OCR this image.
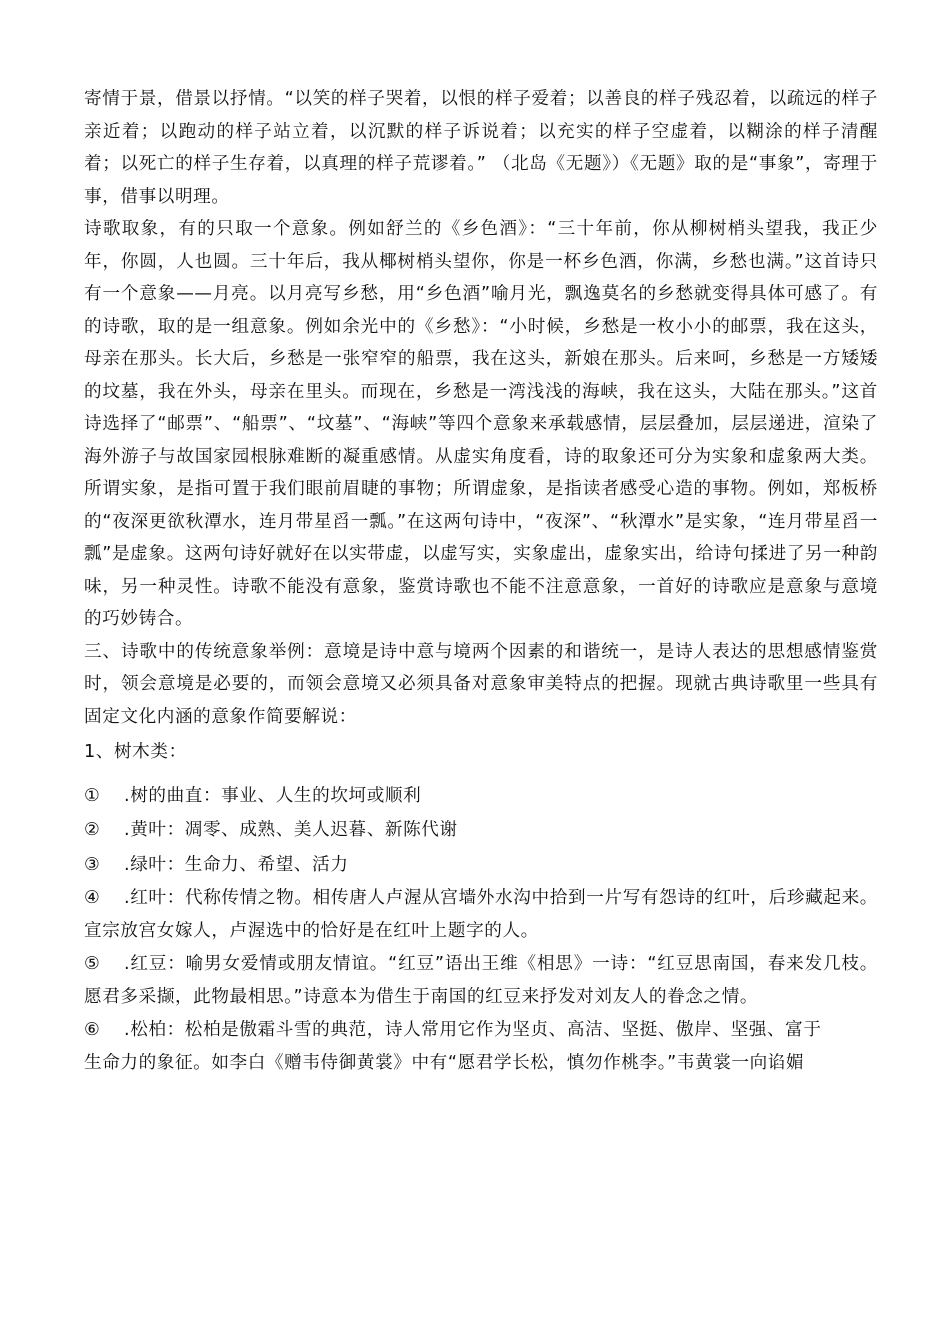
寄情于景，借景以抒情。“以笑的样子哭着，以恨的样子爱着；以善良的样子残忍着，以疏远的样子亲近着；以跑动的样子站立着，以沉默的样子诉说着；以充实的样子空虚着，以糊涂的样子清醒着；以死亡的样子生存着，以真理的样子荒谬着。” （北岛《无题》）《无题》取的是“事象”，寄理于事，借事以明理。

诗歌取象，有的只取一个意象。例如舒兰的《乡色酒》：“三十年前，你从柳树梢头望我，我正少年，你圆，人也圆。三十年后，我从椰树梢头望你，你是一杯乡色酒，你满，乡愁也满。”这首诗只有一个意象——月亮。以月亮写乡愁，用“乡色酒”喻月光，飘逸莫名的乡愁就变得具体可感了。有的诗歌，取的是一组意象。例如余光中的《乡愁》：“小时候，乡愁是一枚小小的邮票，我在这头，母亲在那头。长大后，乡愁是一张窄窄的船票，我在这头，新娘在那头。后来呵，乡愁是一方矮矮的坟墓，我在外头，母亲在里头。而现在，乡愁是一湾浅浅的海峡，我在这头，大陆在那头。”这首诗选择了“邮票”、“船票”、“坟墓”、“海峡”等四个意象来承载感情，层层叠加，层层递进，渲染了海外游子与故国家园根脉难断的凝重感情。从虚实角度看，诗的取象还可分为实象和虚象两大类。所谓实象，是指可置于我们眼前眉睫的事物；所谓虚象，是指读者感受心造的事物。例如，郑板桥的“夜深更欲秋潭水，连月带星舀一瓢。”在这两句诗中，“夜深”、“秋潭水”是实象，“连月带星舀一瓢”是虚象。这两句诗好就好在以实带虚，以虚写实，实象虚出，虚象实出，给诗句揉进了另一种韵味，另一种灵性。诗歌不能没有意象，鉴赏诗歌也不能不注意意象，一首好的诗歌应是意象与意境的巧妙铸合。

三、诗歌中的传统意象举例：意境是诗中意与境两个因素的和谐统一，是诗人表达的思想感情鉴赏时，领会意境是必要的，而领会意境又必须具备对意象审美特点的把握。现就古典诗歌里一些具有固定文化内涵的意象作简要解说：

1、树木类：

① .树的曲直：事业、人生的坎坷或顺利

② .黄叶：凋零、成熟、美人迟暮、新陈代谢

③ .绿叶：生命力、希望、活力

④ .红叶：代称传情之物。相传唐人卢渥从宫墙外水沟中拾到一片写有怨诗的红叶，后珍藏起来。宣宗放宫女嫁人，卢渥选中的恰好是在红叶上题字的人。

⑤ .红豆：喻男女爱情或朋友情谊。“红豆”语出王维《相思》一诗：“红豆思南国，春来发几枝。愿君多采撷，此物最相思。”诗意本为借生于南国的红豆来抒发对刘友人的眷念之情。

⑥ .松柏：松柏是傲霜斗雪的典范，诗人常用它作为坚贞、高洁、坚挺、傲岸、坚强、富于

生命力的象征。如李白《赠韦侍御黄裳》中有“愿君学长松，慎勿作桃李。”韦黄裳一向谄媚
